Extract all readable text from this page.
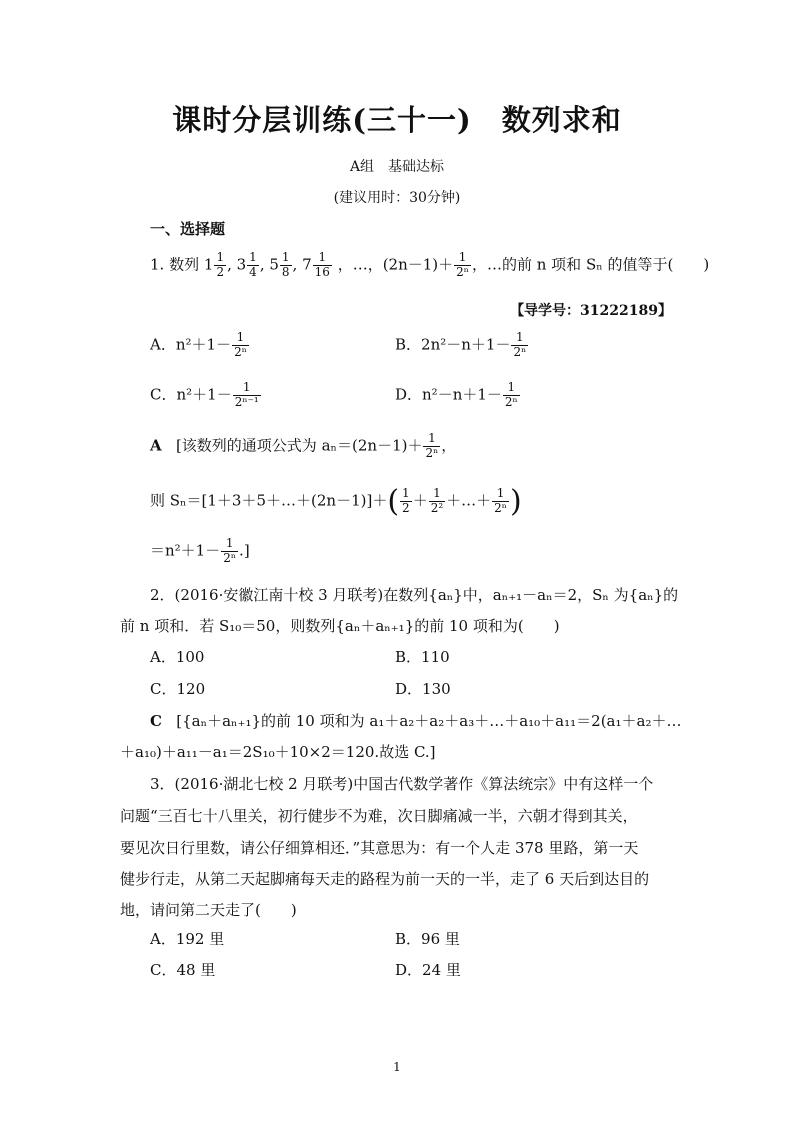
课时分层训练(三十一)　数列求和
A组　基础达标
(建议用时：30分钟)
一、选择题
1. 数列 $1 \frac{1}{2}$ , $3 \frac{1}{4}$ , $5 \frac{1}{8}$ , $7 \frac{1}{16}$ ，…，$(2n-1)+ \frac{1}{\text{2ⁿ}}$ ，…的前 n 项和 Sₙ 的值等于(　　)
【导学号：31222189】
A．$n^2+1- \frac{1}{\text{2ⁿ}}$	B．$2n^2-n+1- \frac{1}{\text{2ⁿ}}$
C．$n^2+1- \frac{1}{\text{2ⁿ⁻¹}}$	D．$n^2-n+1- \frac{1}{\text{2ⁿ}}$
A [该数列的通项公式为 $a_n=(2n-1)+ \frac{1}{\text{2ⁿ}}$ ，
则 Sₙ＝[1＋3＋5＋…＋(2n－1)]＋( $\frac{1}{2} + \frac{1}{\text{2²}}$ ＋…＋ $\frac{1}{\text{2ⁿ}}$ )
$=n^2+1- \frac{1}{\text{2ⁿ}}$ .]
2．(2016·安徽江南十校 3 月联考)在数列{aₙ}中，aₙ₊₁－aₙ＝2，Sₙ 为{aₙ}的
前 n 项和．若 S₁₀＝50，则数列{aₙ＋aₙ₊₁}的前 10 项和为(　　)
A．100	B．110
C．120	D．130
C [{aₙ＋aₙ₊₁}的前 10 项和为 a₁＋a₂＋a₂＋a₃＋…＋a₁₀＋a₁₁＝2(a₁＋a₂＋…
＋a₁₀)＋a₁₁－a₁＝2S₁₀＋10×2＝120.故选 C.]
3．(2016·湖北七校 2 月联考)中国古代数学著作《算法统宗》中有这样一个
问题“三百七十八里关，初行健步不为难，次日脚痛减一半，六朝才得到其关，
要见次日行里数，请公仔细算相还．”其意思为：有一个人走 378 里路，第一天
健步行走，从第二天起脚痛每天走的路程为前一天的一半，走了 6 天后到达目的
地，请问第二天走了(　　)
A．192 里	B．96 里
C．48 里	D．24 里
1
